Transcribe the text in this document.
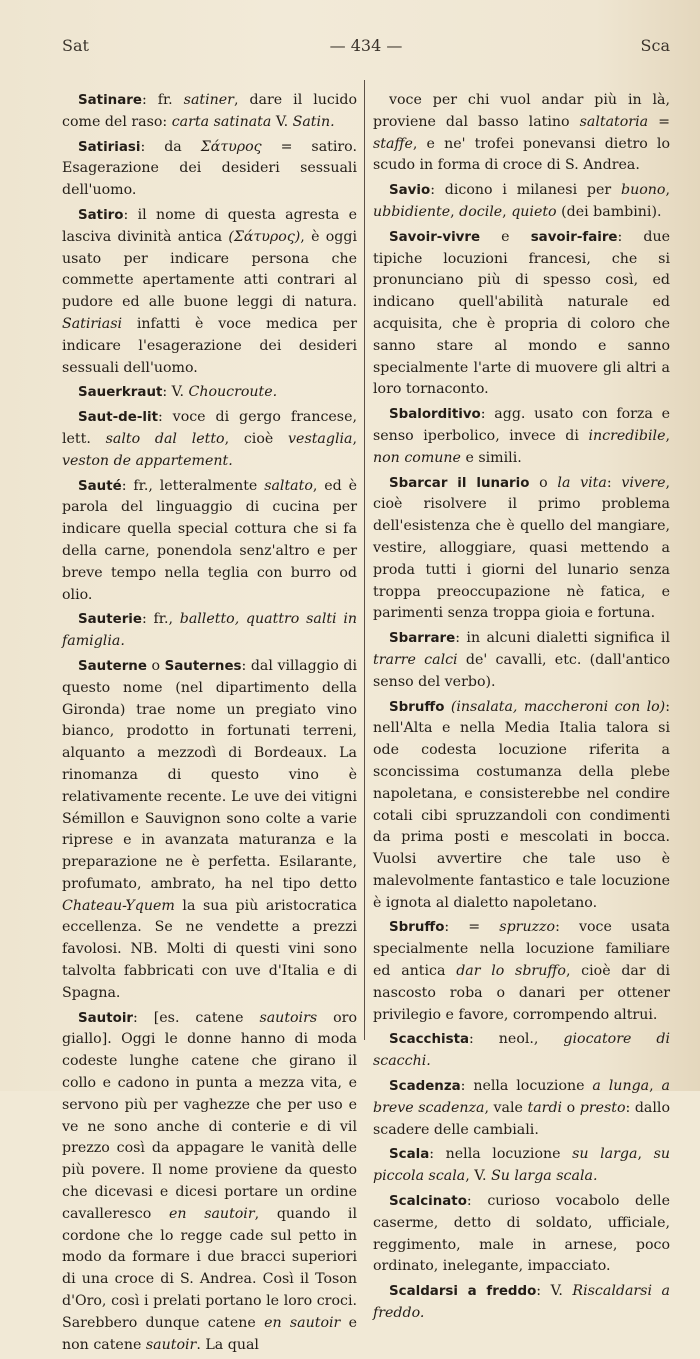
Sat	— 434 —	Sca

Satinare: fr. satiner, dare il lucido come del raso: carta satinata V. Satin.

Satiriasi: da Σάτυρος = satiro. Esagerazione dei desideri sessuali dell'uomo.

Satiro: il nome di questa agresta e lasciva divinità antica (Σάτυρος), è oggi usato per indicare persona che commette apertamente atti contrari al pudore ed alle buone leggi di natura. Satiriasi infatti è voce medica per indicare l'esagerazione dei desideri sessuali dell'uomo.

Sauerkraut: V. Choucroute.

Saut-de-lit: voce di gergo francese, lett. salto dal letto, cioè vestaglia, veston de appartement.

Sauté: fr., letteralmente saltato, ed è parola del linguaggio di cucina per indicare quella special cottura che si fa della carne, ponendola senz'altro e per breve tempo nella teglia con burro od olio.

Sauterie: fr., balletto, quattro salti in famiglia.

Sauterne o Sauternes: dal villaggio di questo nome (nel dipartimento della Gironda) trae nome un pregiato vino bianco, prodotto in fortunati terreni, alquanto a mezzodì di Bordeaux. La rinomanza di questo vino è relativamente recente. Le uve dei vitigni Sémillon e Sauvignon sono colte a varie riprese e in avanzata maturanza e la preparazione ne è perfetta. Esilarante, profumato, ambrato, ha nel tipo detto Chateau-Yquem la sua più aristocratica eccellenza. Se ne vendette a prezzi favolosi. NB. Molti di questi vini sono talvolta fabbricati con uve d'Italia e di Spagna.

Sautoir: [es. catene sautoirs oro giallo]. Oggi le donne hanno di moda codeste lunghe catene che girano il collo e cadono in punta a mezza vita, e servono più per vaghezze che per uso e ve ne sono anche di conterie e di vil prezzo così da appagare le vanità delle più povere. Il nome proviene da questo che dicevasi e dicesi portare un ordine cavalleresco en sautoir, quando il cordone che lo regge cade sul petto in modo da formare i due bracci superiori di una croce di S. Andrea. Così il Toson d'Oro, così i prelati portano le loro croci. Sarebbero dunque catene en sautoir e non catene sautoir. La qual

voce per chi vuol andar più in là, proviene dal basso latino saltatoria = staffe, e ne' trofei ponevansi dietro lo scudo in forma di croce di S. Andrea.

Savio: dicono i milanesi per buono, ubbidiente, docile, quieto (dei bambini).

Savoir-vivre e savoir-faire: due tipiche locuzioni francesi, che si pronunciano più di spesso così, ed indicano quell'abilità naturale ed acquisita, che è propria di coloro che sanno stare al mondo e sanno specialmente l'arte di muovere gli altri a loro tornaconto.

Sbalorditivo: agg. usato con forza e senso iperbolico, invece di incredibile, non comune e simili.

Sbarcar il lunario o la vita: vivere, cioè risolvere il primo problema dell'esistenza che è quello del mangiare, vestire, alloggiare, quasi mettendo a proda tutti i giorni del lunario senza troppa preoccupazione nè fatica, e parimenti senza troppa gioia e fortuna.

Sbarrare: in alcuni dialetti significa il trarre calci de' cavalli, etc. (dall'antico senso del verbo).

Sbruffo (insalata, maccheroni con lo): nell'Alta e nella Media Italia talora si ode codesta locuzione riferita a sconcissima costumanza della plebe napoletana, e consisterebbe nel condire cotali cibi spruzzandoli con condimenti da prima posti e mescolati in bocca. Vuolsi avvertire che tale uso è malevolmente fantastico e tale locuzione è ignota al dialetto napoletano.

Sbruffo: = spruzzo: voce usata specialmente nella locuzione familiare ed antica dar lo sbruffo, cioè dar di nascosto roba o danari per ottener privilegio e favore, corrompendo altrui.

Scacchista: neol., giocatore di scacchi.

Scadenza: nella locuzione a lunga, a breve scadenza, vale tardi o presto: dallo scadere delle cambiali.

Scala: nella locuzione su larga, su piccola scala, V. Su larga scala.

Scalcinato: curioso vocabolo delle caserme, detto di soldato, ufficiale, reggimento, male in arnese, poco ordinato, inelegante, impacciato.

Scaldarsi a freddo: V. Riscaldarsi a freddo.
